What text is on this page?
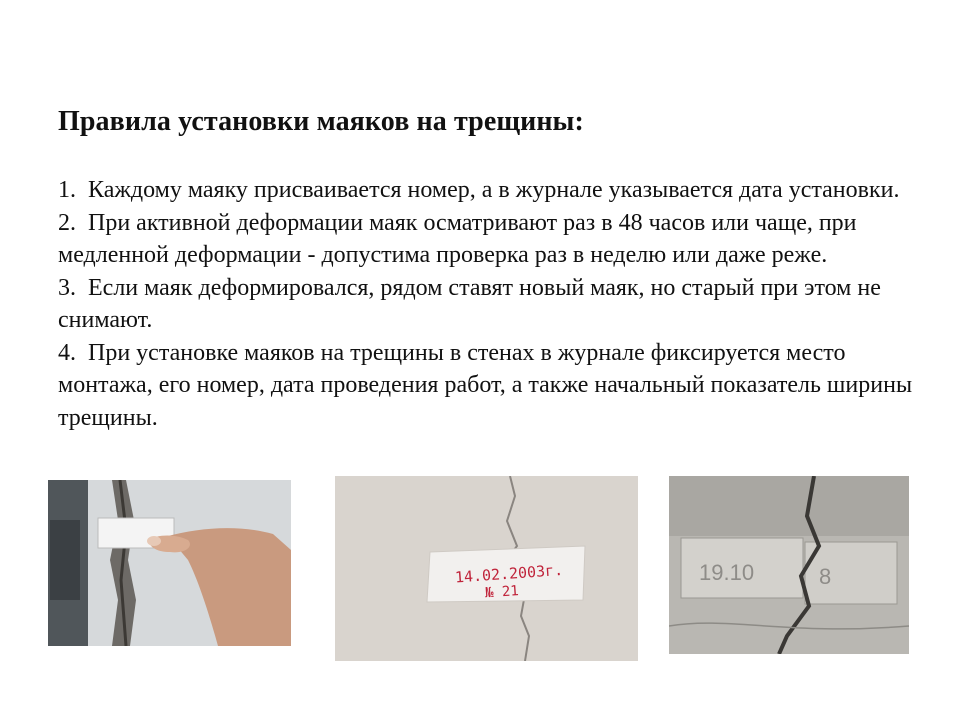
Правила установки маяков на трещины:

1. Каждому маяку присваивается номер, а в журнале указывается дата установки.

2. При активной деформации маяк осматривают раз в 48 часов или чаще, при медленной деформации - допустима проверка раз в неделю или даже реже.

3. Если маяк деформировался, рядом ставят новый маяк, но старый при этом не снимают.

4. При установке маяков на трещины в стенах в журнале фиксируется место монтажа, его номер, дата проведения работ, а также начальный показатель ширины трещины.

14.02.2003г.
№ 21
19.10	8
